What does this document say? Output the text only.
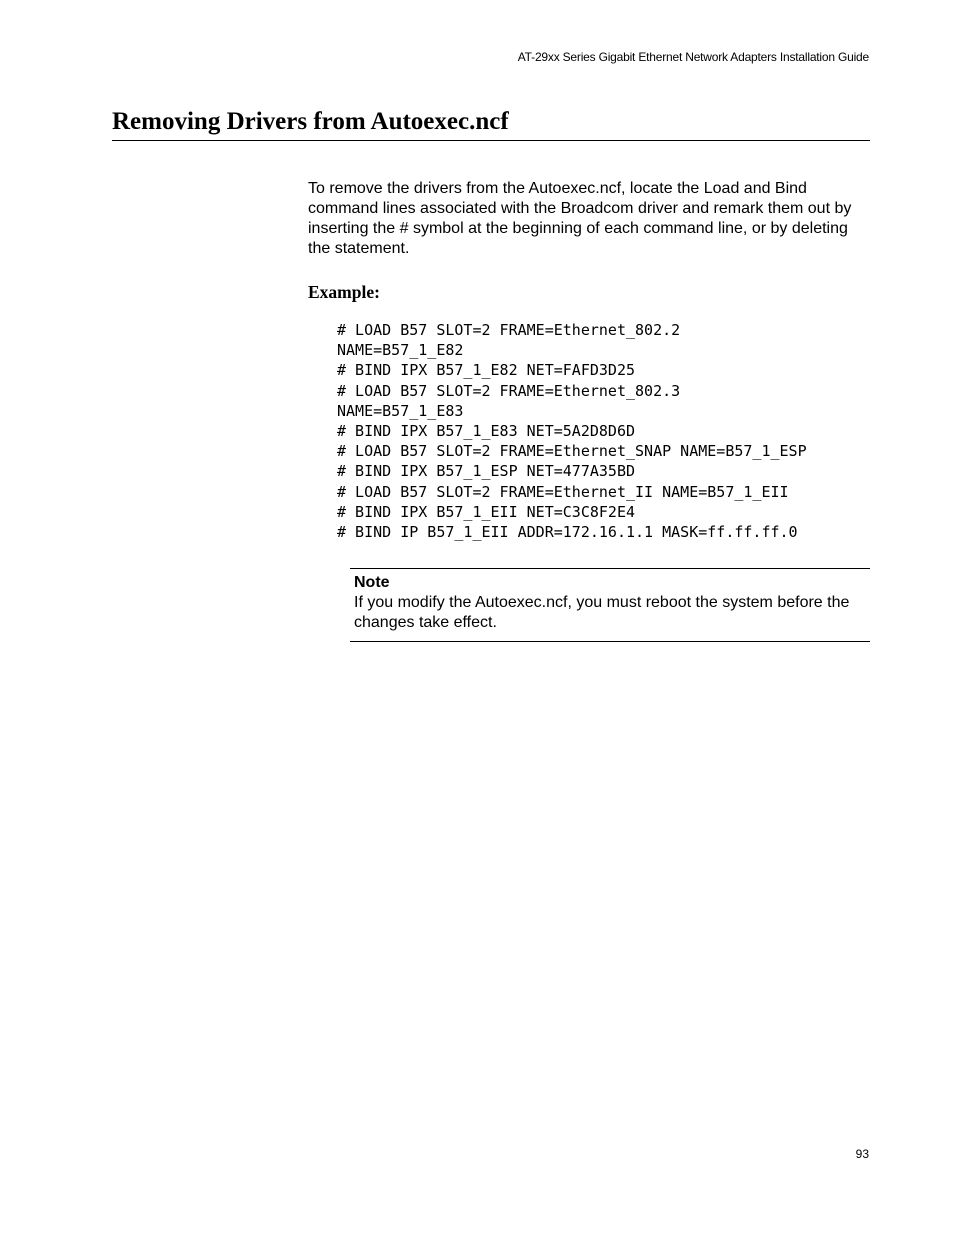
AT-29xx Series Gigabit Ethernet Network Adapters Installation Guide
Removing Drivers from Autoexec.ncf

To remove the drivers from the Autoexec.ncf, locate the Load and Bind command lines associated with the Broadcom driver and remark them out by inserting the # symbol at the beginning of each command line, or by deleting the statement.

Example:

# LOAD B57 SLOT=2 FRAME=Ethernet_802.2
NAME=B57_1_E82
# BIND IPX B57_1_E82 NET=FAFD3D25
# LOAD B57 SLOT=2 FRAME=Ethernet_802.3
NAME=B57_1_E83
# BIND IPX B57_1_E83 NET=5A2D8D6D
# LOAD B57 SLOT=2 FRAME=Ethernet_SNAP NAME=B57_1_ESP
# BIND IPX B57_1_ESP NET=477A35BD
# LOAD B57 SLOT=2 FRAME=Ethernet_II NAME=B57_1_EII
# BIND IPX B57_1_EII NET=C3C8F2E4
# BIND IP B57_1_EII ADDR=172.16.1.1 MASK=ff.ff.ff.0

Note

If you modify the Autoexec.ncf, you must reboot the system before the changes take effect.

93
